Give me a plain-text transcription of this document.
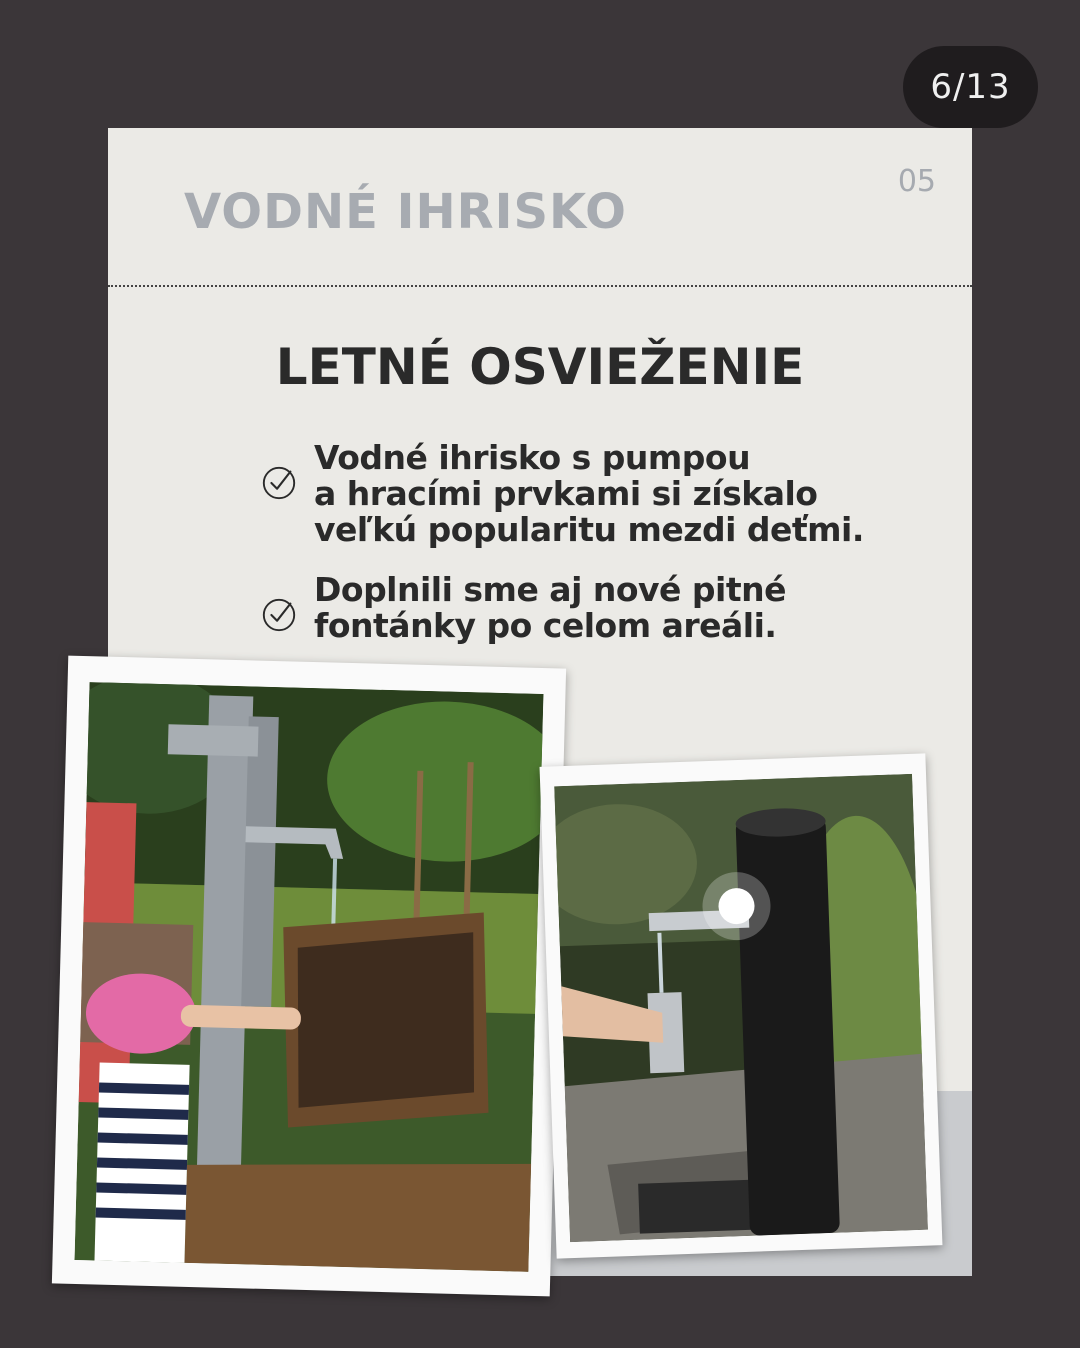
6/13
05
VODNÉ IHRISKO
LETNÉ OSVIEŽENIE
Vodné ihrisko s pumpou
a hracími prvkami si získalo
veľkú popularitu mezdi deťmi.
Doplnili sme aj nové pitné
fontánky po celom areáli.
